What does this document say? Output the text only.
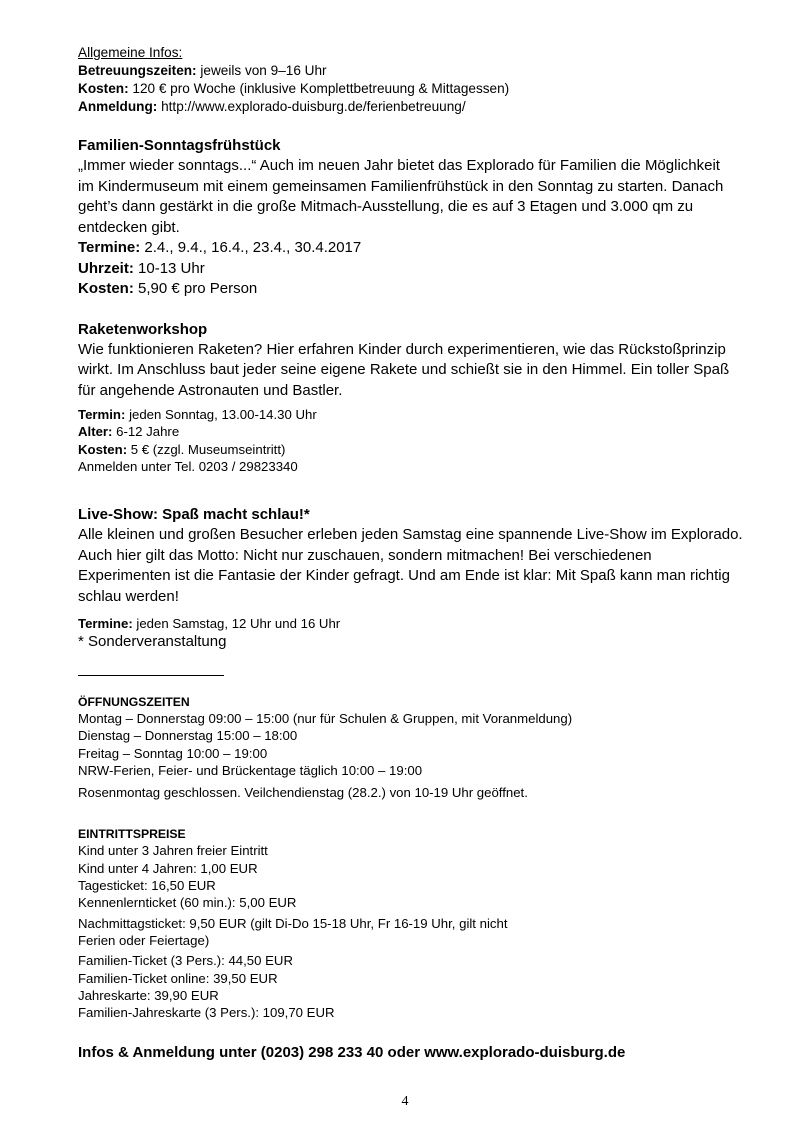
Allgemeine Infos:
Betreuungszeiten: jeweils von 9–16 Uhr
Kosten: 120 € pro Woche (inklusive Komplettbetreuung & Mittagessen)
Anmeldung: http://www.explorado-duisburg.de/ferienbetreuung/
Familien-Sonntagsfrühstück

„Immer wieder sonntags...“ Auch im neuen Jahr bietet das Explorado für Familien die Möglichkeit

im Kindermuseum mit einem gemeinsamen Familienfrühstück in den Sonntag zu starten. Danach

geht’s dann gestärkt in die große Mitmach-Ausstellung, die es auf 3 Etagen und 3.000 qm zu

entdecken gibt.

Termine: 2.4., 9.4., 16.4., 23.4., 30.4.2017

Uhrzeit: 10-13 Uhr

Kosten: 5,90 € pro Person

Raketenworkshop

Wie funktionieren Raketen? Hier erfahren Kinder durch experimentieren, wie das Rückstoßprinzip

wirkt. Im Anschluss baut jeder seine eigene Rakete und schießt sie in den Himmel. Ein toller Spaß

für angehende Astronauten und Bastler.

Termin: jeden Sonntag, 13.00-14.30 Uhr
Alter: 6-12 Jahre
Kosten: 5 € (zzgl. Museumseintritt)
Anmelden unter Tel. 0203 / 29823340
Live-Show: Spaß macht schlau!*

Alle kleinen und großen Besucher erleben jeden Samstag eine spannende Live-Show im Explorado.

Auch hier gilt das Motto: Nicht nur zuschauen, sondern mitmachen! Bei verschiedenen

Experimenten ist die Fantasie der Kinder gefragt. Und am Ende ist klar: Mit Spaß kann man richtig

schlau werden!

Termine: jeden Samstag, 12 Uhr und 16 Uhr
* Sonderveranstaltung
ÖFFNUNGSZEITEN
Montag – Donnerstag 09:00 – 15:00 (nur für Schulen & Gruppen, mit Voranmeldung)
Dienstag – Donnerstag 15:00 – 18:00
Freitag – Sonntag 10:00 – 19:00
NRW-Ferien, Feier- und Brückentage täglich 10:00 – 19:00
Rosenmontag geschlossen. Veilchendienstag (28.2.) von 10-19 Uhr geöffnet.
EINTRITTSPREISE
Kind unter 3 Jahren freier Eintritt
Kind unter 4 Jahren: 1,00 EUR
Tagesticket: 16,50 EUR
Kennenlernticket (60 min.): 5,00 EUR
Nachmittagsticket: 9,50 EUR (gilt Di-Do 15-18 Uhr, Fr 16-19 Uhr, gilt nicht
Ferien oder Feiertage)
Familien-Ticket (3 Pers.): 44,50 EUR
Familien-Ticket online: 39,50 EUR
Jahreskarte: 39,90 EUR
Familien-Jahreskarte (3 Pers.): 109,70 EUR
Infos & Anmeldung unter (0203) 298 233 40 oder www.explorado-duisburg.de
4
